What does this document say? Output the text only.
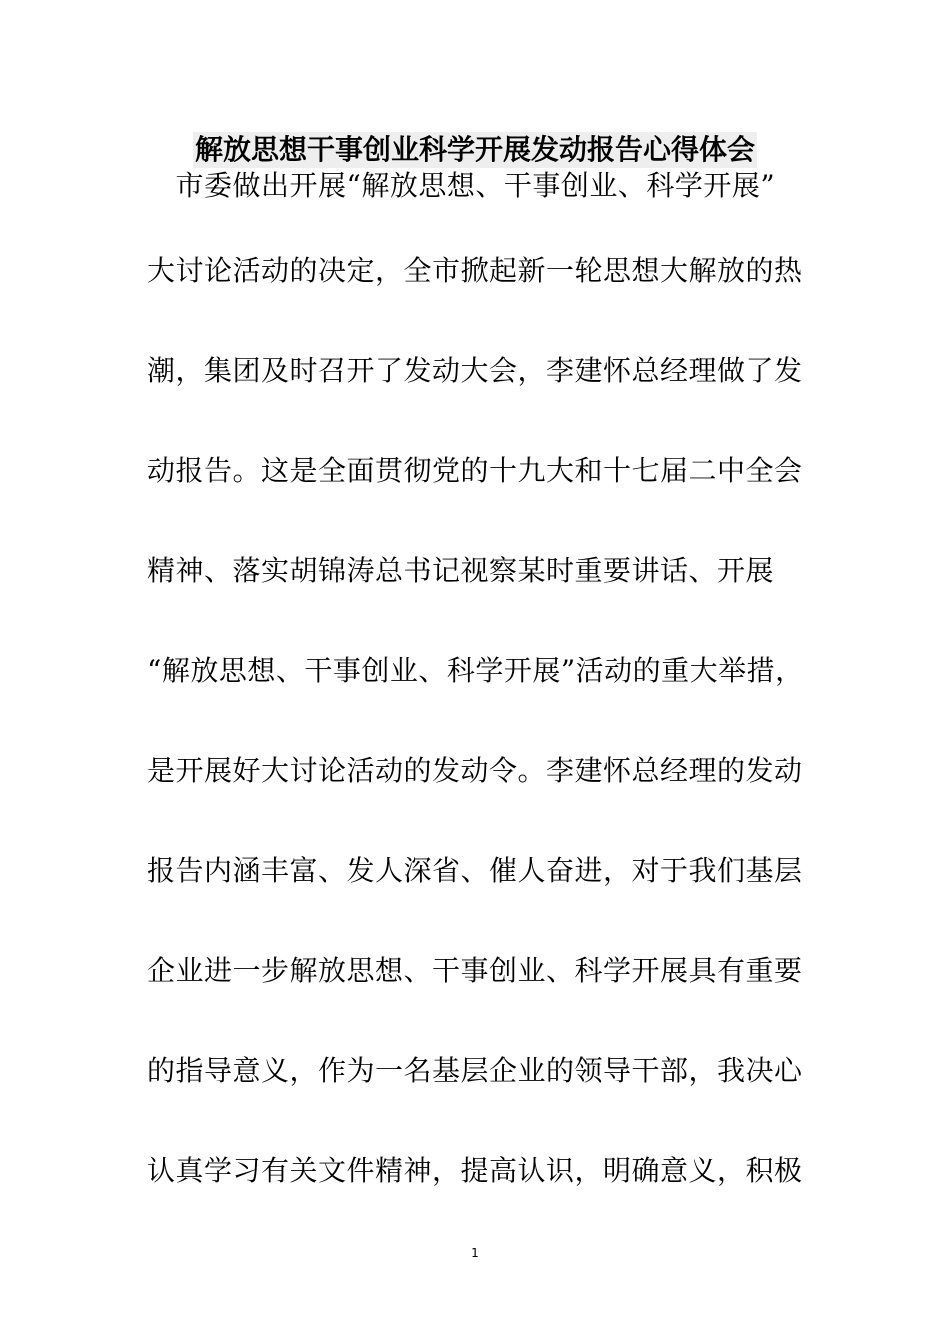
解放思想干事创业科学开展发动报告心得体会
　市委做出开展“解放思想、干事创业、科学开展”
大讨论活动的决定，全市掀起新一轮思想大解放的热
潮，集团及时召开了发动大会，李建怀总经理做了发
动报告。这是全面贯彻党的十九大和十七届二中全会
精神、落实胡锦涛总书记视察某时重要讲话、开展
“解放思想、干事创业、科学开展”活动的重大举措，
是开展好大讨论活动的发动令。李建怀总经理的发动
报告内涵丰富、发人深省、催人奋进，对于我们基层
企业进一步解放思想、干事创业、科学开展具有重要
的指导意义，作为一名基层企业的领导干部，我决心
认真学习有关文件精神，提高认识，明确意义，积极
1
